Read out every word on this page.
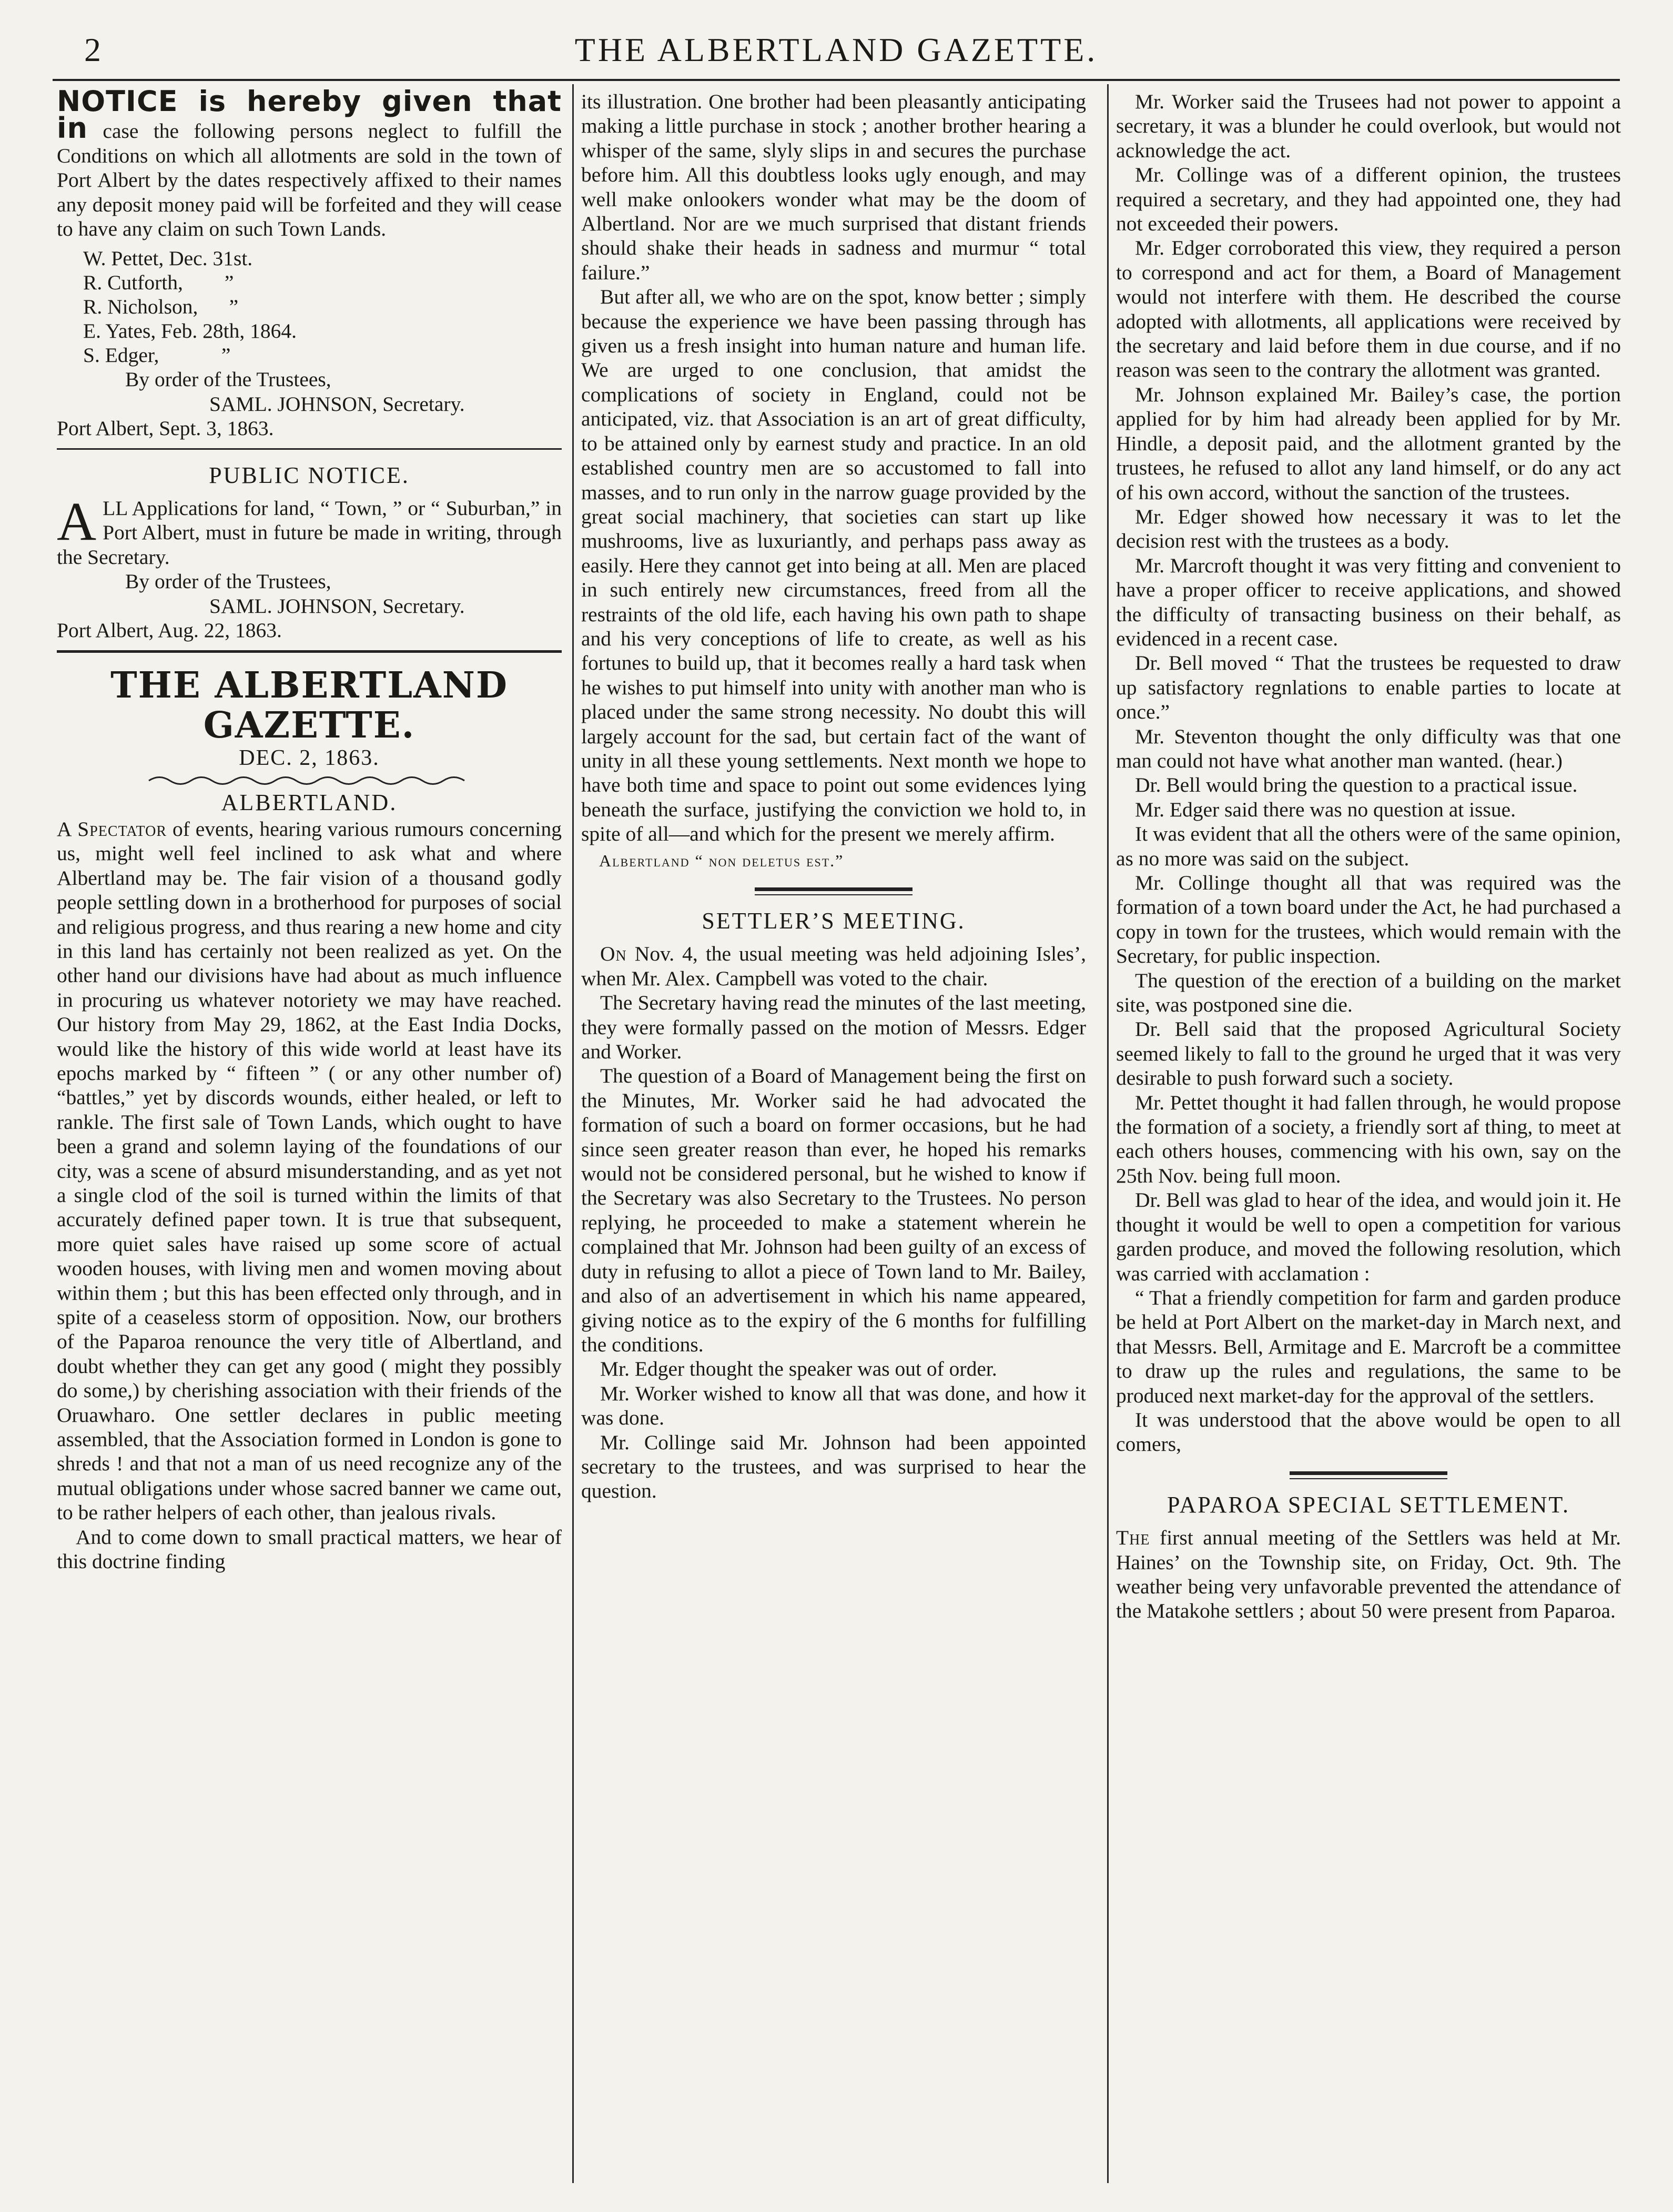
2	THE ALBERTLAND GAZETTE.

NOTICE is hereby given that in case the following persons neglect to fulfill the Conditions on which all allotments are sold in the town of Port Albert by the dates respectively affixed to their names any deposit money paid will be forfeited and they will cease to have any claim on such Town Lands.

W. Pettet, Dec. 31st.

R. Cutforth,        ”

R. Nicholson,      ”

E. Yates, Feb. 28th, 1864.

S. Edger,            ”

By order of the Trustees,

SAML. JOHNSON, Secretary.

Port Albert, Sept. 3, 1863.

PUBLIC NOTICE.

ALL Applications for land, “ Town, ” or “ Suburban,” in Port Albert, must in future be made in writing, through the Secretary.

By order of the Trustees,

SAML. JOHNSON, Secretary.

Port Albert, Aug. 22, 1863.

THE ALBERTLAND GAZETTE.
DEC. 2, 1863.
ALBERTLAND.

A Spectator of events, hearing various rumours concerning us, might well feel inclined to ask what and where Albertland may be. The fair vision of a thousand godly people settling down in a brotherhood for purposes of social and religious progress, and thus rearing a new home and city in this land has certainly not been realized as yet. On the other hand our divisions have had about as much influence in procuring us whatever notoriety we may have reached. Our history from May 29, 1862, at the East India Docks, would like the history of this wide world at least have its epochs marked by “ fifteen ” ( or any other number of) “battles,” yet by discords wounds, either healed, or left to rankle. The first sale of Town Lands, which ought to have been a grand and solemn laying of the foundations of our city, was a scene of absurd misunderstanding, and as yet not a single clod of the soil is turned within the limits of that accurately defined paper town. It is true that subsequent, more quiet sales have raised up some score of actual wooden houses, with living men and women moving about within them ; but this has been effected only through, and in spite of a ceaseless storm of opposition. Now, our brothers of the Paparoa renounce the very title of Albertland, and doubt whether they can get any good ( might they possibly do some,) by cherishing association with their friends of the Oruawharo. One settler declares in public meeting assembled, that the Association formed in London is gone to shreds ! and that not a man of us need recognize any of the mutual obligations under whose sacred banner we came out, to be rather helpers of each other, than jealous rivals.

And to come down to small practical matters, we hear of this doctrine finding

its illustration. One brother had been pleasantly anticipating making a little purchase in stock ; another brother hearing a whisper of the same, slyly slips in and secures the purchase before him. All this doubtless looks ugly enough, and may well make onlookers wonder what may be the doom of Albertland. Nor are we much surprised that distant friends should shake their heads in sadness and murmur “ total failure.”

But after all, we who are on the spot, know better ; simply because the experience we have been passing through has given us a fresh insight into human nature and human life. We are urged to one conclusion, that amidst the complications of society in England, could not be anticipated, viz. that Association is an art of great difficulty, to be attained only by earnest study and practice. In an old established country men are so accustomed to fall into masses, and to run only in the narrow guage provided by the great social machinery, that societies can start up like mushrooms, live as luxuriantly, and perhaps pass away as easily. Here they cannot get into being at all. Men are placed in such entirely new circumstances, freed from all the restraints of the old life, each having his own path to shape and his very conceptions of life to create, as well as his fortunes to build up, that it becomes really a hard task when he wishes to put himself into unity with another man who is placed under the same strong necessity. No doubt this will largely account for the sad, but certain fact of the want of unity in all these young settlements. Next month we hope to have both time and space to point out some evidences lying beneath the surface, justifying the conviction we hold to, in spite of all—and which for the present we merely affirm.

Albertland “ non deletus est.”

SETTLER’S MEETING.

On Nov. 4, the usual meeting was held adjoining Isles’, when Mr. Alex. Campbell was voted to the chair.

The Secretary having read the minutes of the last meeting, they were formally passed on the motion of Messrs. Edger and Worker.

The question of a Board of Management being the first on the Minutes, Mr. Worker said he had advocated the formation of such a board on former occasions, but he had since seen greater reason than ever, he hoped his remarks would not be considered personal, but he wished to know if the Secretary was also Secretary to the Trustees. No person replying, he proceeded to make a statement wherein he complained that Mr. Johnson had been guilty of an excess of duty in refusing to allot a piece of Town land to Mr. Bailey, and also of an advertisement in which his name appeared, giving notice as to the expiry of the 6 months for fulfilling the conditions.

Mr. Edger thought the speaker was out of order.

Mr. Worker wished to know all that was done, and how it was done.

Mr. Collinge said Mr. Johnson had been appointed secretary to the trustees, and was surprised to hear the question.

Mr. Worker said the Trusees had not power to appoint a secretary, it was a blunder he could overlook, but would not acknowledge the act.

Mr. Collinge was of a different opinion, the trustees required a secretary, and they had appointed one, they had not exceeded their powers.

Mr. Edger corroborated this view, they required a person to correspond and act for them, a Board of Management would not interfere with them. He described the course adopted with allotments, all applications were received by the secretary and laid before them in due course, and if no reason was seen to the contrary the allotment was granted.

Mr. Johnson explained Mr. Bailey’s case, the portion applied for by him had already been applied for by Mr. Hindle, a deposit paid, and the allotment granted by the trustees, he refused to allot any land himself, or do any act of his own accord, without the sanction of the trustees.

Mr. Edger showed how necessary it was to let the decision rest with the trustees as a body.

Mr. Marcroft thought it was very fitting and convenient to have a proper officer to receive applications, and showed the difficulty of transacting business on their behalf, as evidenced in a recent case.

Dr. Bell moved “ That the trustees be requested to draw up satisfactory regnlations to enable parties to locate at once.”

Mr. Steventon thought the only difficulty was that one man could not have what another man wanted. (hear.)

Dr. Bell would bring the question to a practical issue.

Mr. Edger said there was no question at issue.

It was evident that all the others were of the same opinion, as no more was said on the subject.

Mr. Collinge thought all that was required was the formation of a town board under the Act, he had purchased a copy in town for the trustees, which would remain with the Secretary, for public inspection.

The question of the erection of a building on the market site, was postponed sine die.

Dr. Bell said that the proposed Agricultural Society seemed likely to fall to the ground he urged that it was very desirable to push forward such a society.

Mr. Pettet thought it had fallen through, he would propose the formation of a society, a friendly sort af thing, to meet at each others houses, commencing with his own, say on the 25th Nov. being full moon.

Dr. Bell was glad to hear of the idea, and would join it. He thought it would be well to open a competition for various garden produce, and moved the following resolution, which was carried with acclamation :

“ That a friendly competition for farm and garden produce be held at Port Albert on the market-day in March next, and that Messrs. Bell, Armitage and E. Marcroft be a committee to draw up the rules and regulations, the same to be produced next market-day for the approval of the settlers.

It was understood that the above would be open to all comers,

PAPAROA SPECIAL SETTLEMENT.

The first annual meeting of the Settlers was held at Mr. Haines’ on the Township site, on Friday, Oct. 9th. The weather being very unfavorable prevented the attendance of the Matakohe settlers ; about 50 were present from Paparoa.
